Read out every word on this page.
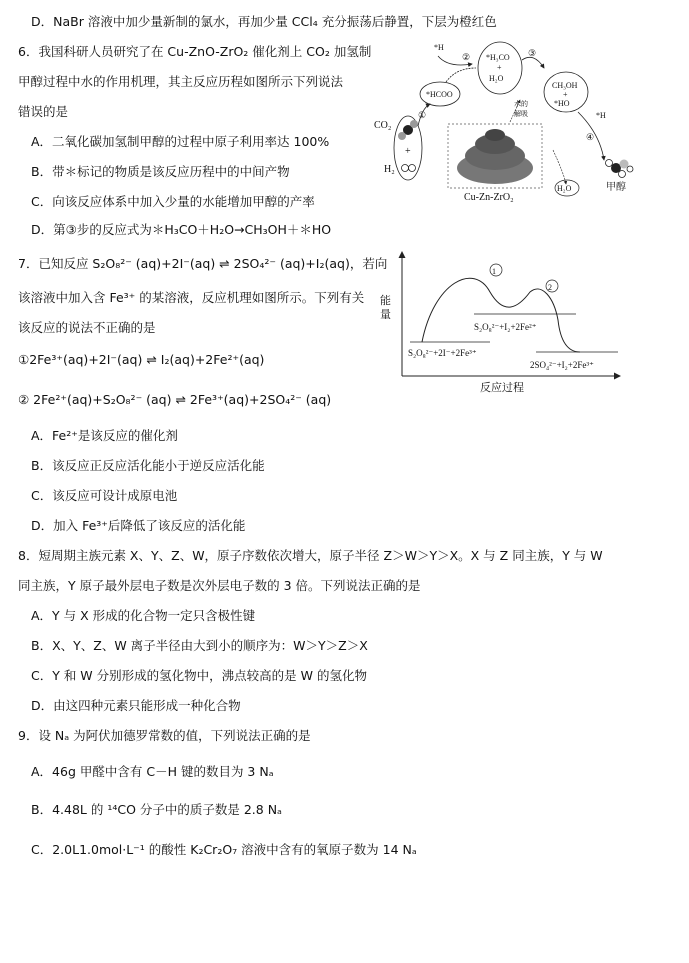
D．NaBr 溶液中加少量新制的氯水，再加少量 CCl₄ 充分振荡后静置，下层为橙红色
6．我国科研人员研究了在 Cu-ZnO-ZrO₂ 催化剂上 CO₂ 加氢制
甲醇过程中水的作用机理，其主反应历程如图所示下列说法
错误的是
A．二氧化碳加氢制甲醇的过程中原子利用率达 100%
B．带＊标记的物质是该反应历程中的中间产物
C．向该反应体系中加入少量的水能增加甲醇的产率
D．第③步的反应式为＊H₃CO＋H₂O→CH₃OH＋＊HO
7．已知反应 S₂O₈²⁻ (aq)+2I⁻(aq) ⇌ 2SO₄²⁻ (aq)+I₂(aq)，若向
该溶液中加入含 Fe³⁺ 的某溶液，反应机理如图所示。下列有关
该反应的说法不正确的是
①2Fe³⁺(aq)+2I⁻(aq) ⇌ I₂(aq)+2Fe²⁺(aq)
② 2Fe²⁺(aq)+S₂O₈²⁻ (aq) ⇌ 2Fe³⁺(aq)+2SO₄²⁻ (aq)
A．Fe²⁺是该反应的催化剂
B．该反应正反应活化能小于逆反应活化能
C．该反应可设计成原电池
D．加入 Fe³⁺后降低了该反应的活化能
8．短周期主族元素 X、Y、Z、W，原子序数依次增大，原子半径 Z＞W＞Y＞X。X 与 Z 同主族，Y 与 W
同主族，Y 原子最外层电子数是次外层电子数的 3 倍。下列说法正确的是
A．Y 与 X 形成的化合物一定只含极性键
B．X、Y、Z、W 离子半径由大到小的顺序为：W＞Y＞Z＞X
C．Y 和 W 分别形成的氢化物中，沸点较高的是 W 的氢化物
D．由这四种元素只能形成一种化合物
9．设 Nₐ 为阿伏加德罗常数的值，下列说法正确的是
A．46g 甲醛中含有 C－H 键的数目为 3 Nₐ
B．4.48L 的 ¹⁴CO 分子中的质子数是 2.8 Nₐ
C．2.0L1.0mol·L⁻¹ 的酸性 K₂Cr₂O₇ 溶液中含有的氧原子数为 14 Nₐ
*H
② *H₃CO
+
H₂O
③
CH₃OH
+
*HO
*H
④
*HCOO
①
CO₂
+
H₂
Cu-Zn-ZrO₂
水的
解吸
H₂O	甲醇
能
量
反应过程
1
2
S₂O₈²⁻+I₂+2Fe²⁺
S₂O₈²⁻+2I⁻+2Fe³⁺
2SO₄²⁻+I₂+2Fe³⁺
